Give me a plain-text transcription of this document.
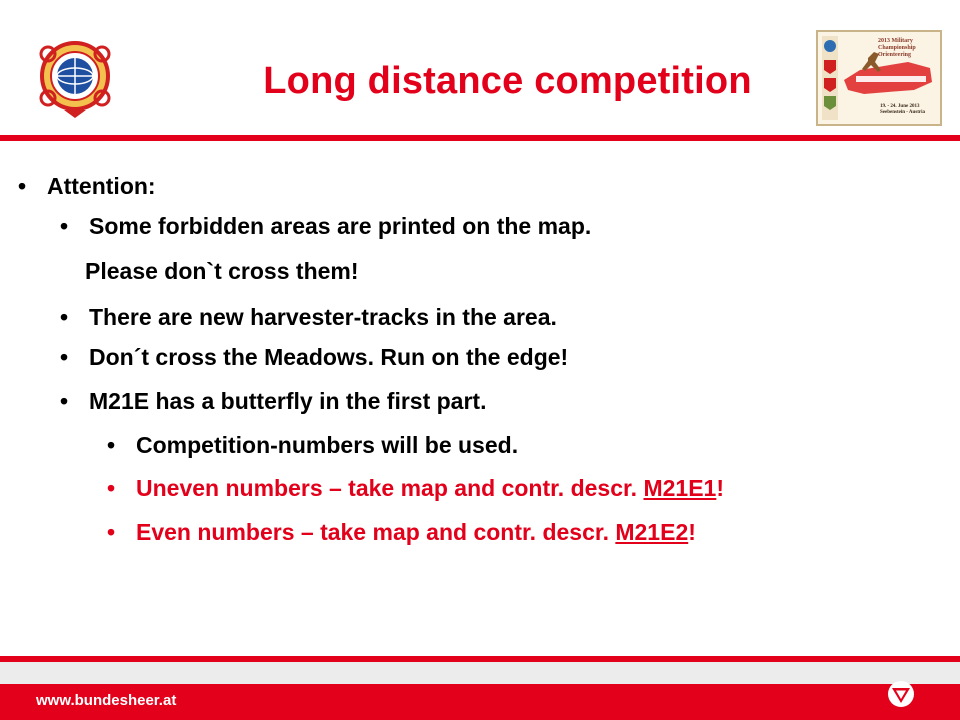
Long distance competition
2013 Military Championship
Orienteering
19. - 24. June 2013
Seebenstein - Austria
• Attention:
• Some forbidden areas are printed on the map.
Please don`t cross them!
• There are new harvester-tracks in the area.
• Don´t cross the Meadows. Run on the edge!
• M21E has a butterfly in the first part.
• Competition-numbers will be used.
• Uneven numbers – take map and contr. descr. M21E1!
• Even numbers – take map and contr. descr. M21E2!
www.bundesheer.at
